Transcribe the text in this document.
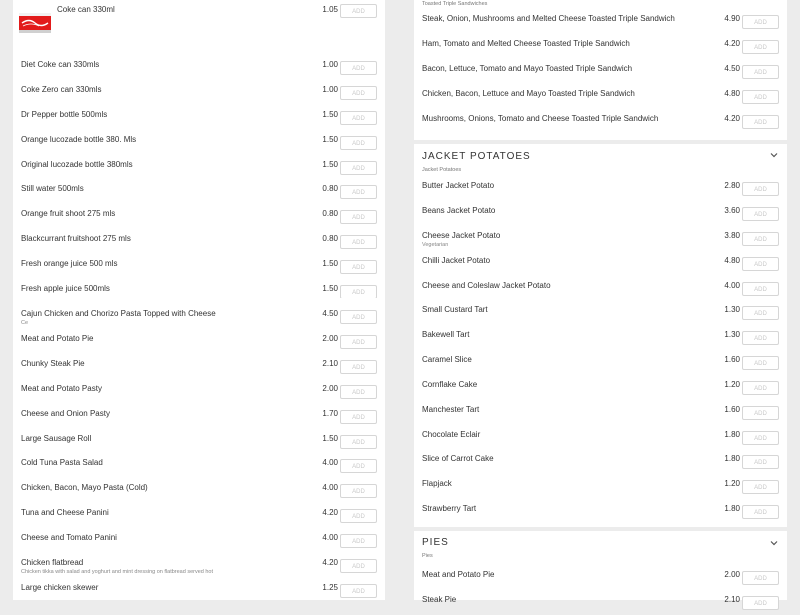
Coke can 330ml	1.05	ADD
Diet Coke can 330mls	1.00	ADD
Coke Zero can 330mls	1.00	ADD
Dr Pepper bottle 500mls	1.50	ADD
Orange lucozade bottle 380. Mls	1.50	ADD
Original lucozade bottle 380mls	1.50	ADD
Still water 500mls	0.80	ADD
Orange fruit shoot 275 mls	0.80	ADD
Blackcurrant fruitshoot 275 mls	0.80	ADD
Fresh orange juice 500 mls	1.50	ADD
Fresh apple juice 500mls	1.50	ADD
Cajun Chicken and Chorizo Pasta Topped with Cheese
Ce
4.50	ADD
Meat and Potato Pie	2.00	ADD
Chunky Steak Pie	2.10	ADD
Meat and Potato Pasty	2.00	ADD
Cheese and Onion Pasty	1.70	ADD
Large Sausage Roll	1.50	ADD
Cold Tuna Pasta Salad	4.00	ADD
Chicken, Bacon, Mayo Pasta (Cold)	4.00	ADD
Tuna and Cheese Panini	4.20	ADD
Cheese and Tomato Panini	4.00	ADD
Chicken flatbread
Chicken tikka with salad and yoghurt and mint dressing on flatbread served hot
4.20	ADD
Large chicken skewer	1.25	ADD
Toasted Triple Sandwiches
Steak, Onion, Mushrooms and Melted Cheese Toasted Triple Sandwich	4.90	ADD
Ham, Tomato and Melted Cheese Toasted Triple Sandwich	4.20	ADD
Bacon, Lettuce, Tomato and Mayo Toasted Triple Sandwich	4.50	ADD
Chicken, Bacon, Lettuce and Mayo Toasted Triple Sandwich	4.80	ADD
Mushrooms, Onions, Tomato and Cheese Toasted Triple Sandwich	4.20	ADD
JACKET POTATOES
Jacket Potatoes
Butter Jacket Potato	2.80	ADD
Beans Jacket Potato	3.60	ADD
Cheese Jacket Potato
Vegetarian
3.80	ADD
Chilli Jacket Potato	4.80	ADD
Cheese and Coleslaw Jacket Potato	4.00	ADD
Small Custard Tart	1.30	ADD
Bakewell Tart	1.30	ADD
Caramel Slice	1.60	ADD
Cornflake Cake	1.20	ADD
Manchester Tart	1.60	ADD
Chocolate Eclair	1.80	ADD
Slice of Carrot Cake	1.80	ADD
Flapjack	1.20	ADD
Strawberry Tart	1.80	ADD
PIES
Pies
Meat and Potato Pie	2.00	ADD
Steak Pie	2.10	ADD
